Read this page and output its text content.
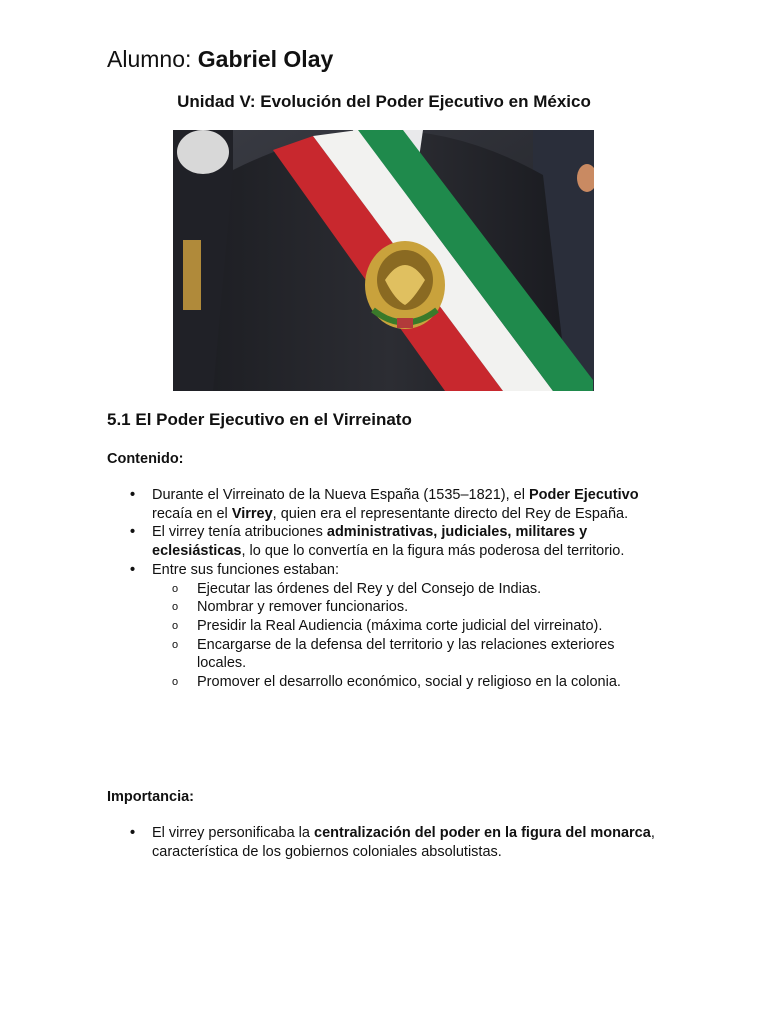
Alumno: Gabriel Olay
Unidad V: Evolución del Poder Ejecutivo en México
5.1 El Poder Ejecutivo en el Virreinato
Contenido:
• Durante el Virreinato de la Nueva España (1535–1821), el Poder Ejecutivo recaía en el Virrey, quien era el representante directo del Rey de España.
• El virrey tenía atribuciones administrativas, judiciales, militares y eclesiásticas, lo que lo convertía en la figura más poderosa del territorio.
• Entre sus funciones estaban:
o Ejecutar las órdenes del Rey y del Consejo de Indias.
o Nombrar y remover funcionarios.
o Presidir la Real Audiencia (máxima corte judicial del virreinato).
o Encargarse de la defensa del territorio y las relaciones exteriores locales.
o Promover el desarrollo económico, social y religioso en la colonia.
Importancia:
• El virrey personificaba la centralización del poder en la figura del monarca, característica de los gobiernos coloniales absolutistas.
